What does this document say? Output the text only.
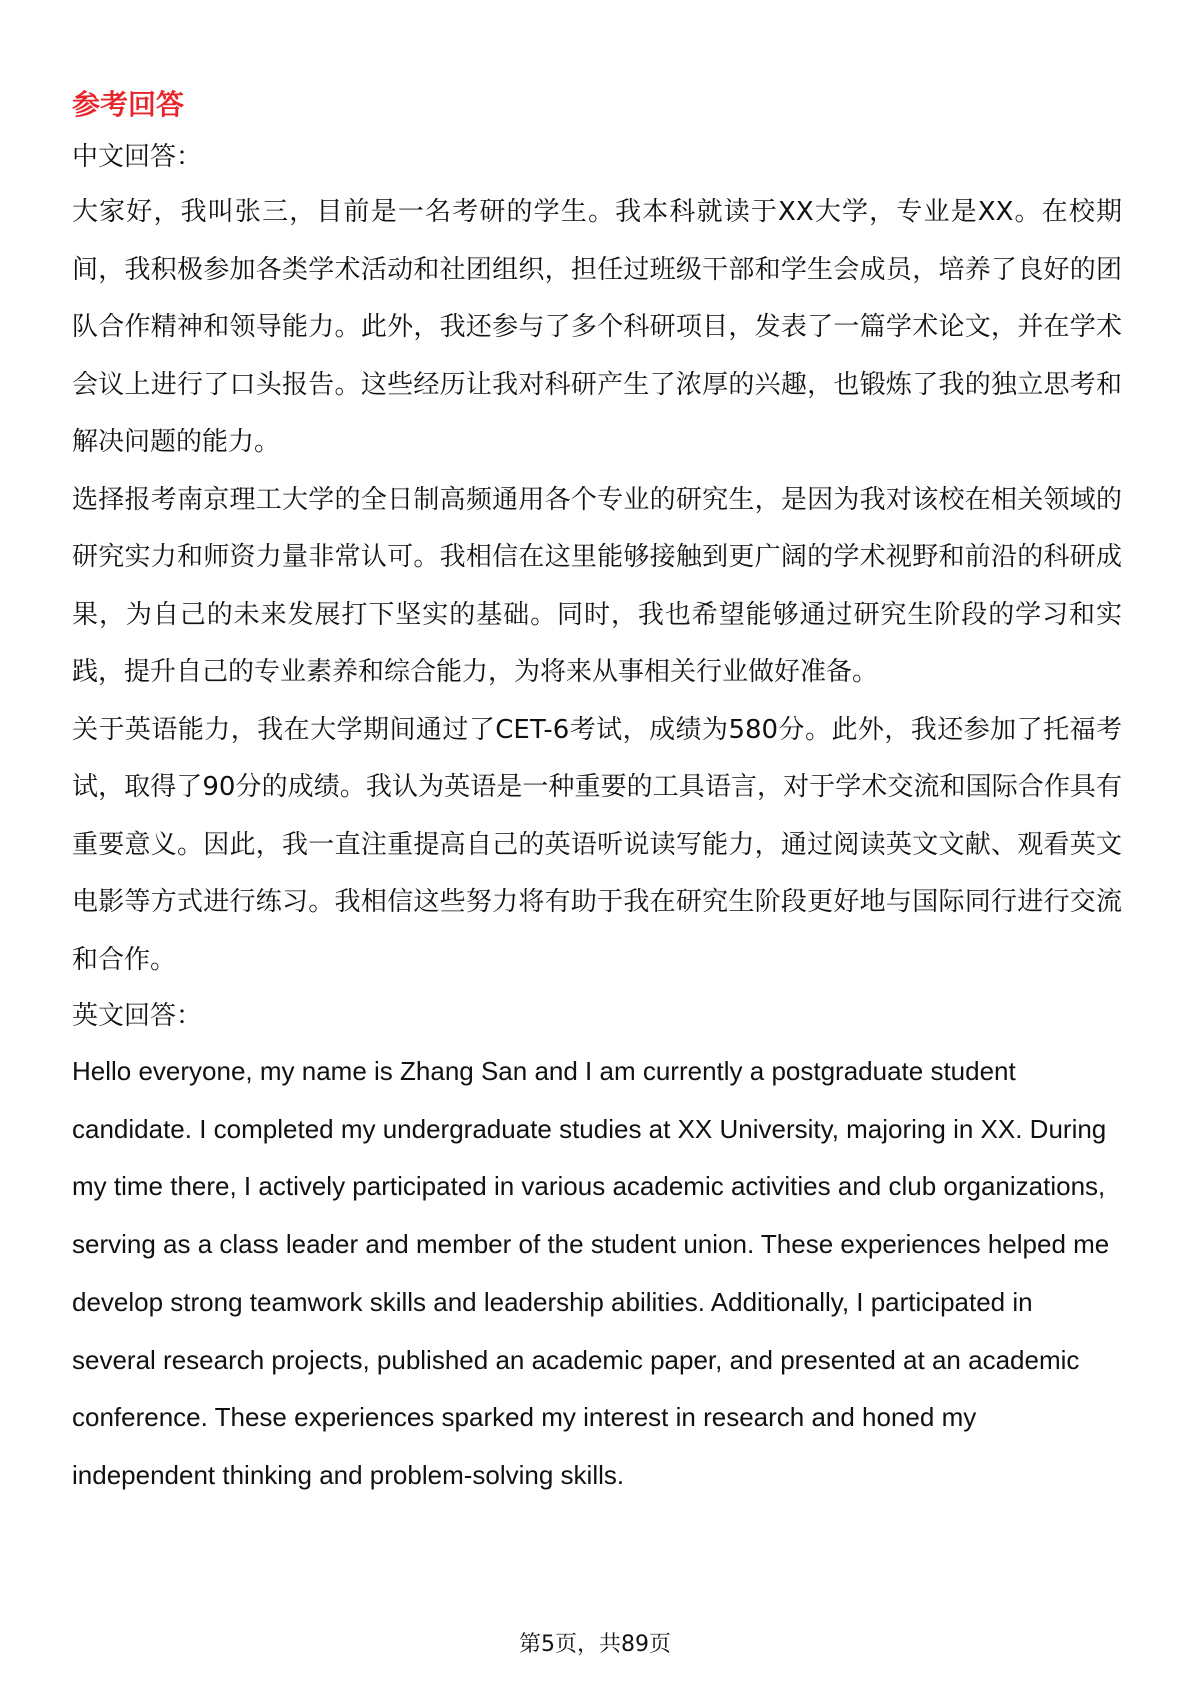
参考回答

中文回答：

大家好，我叫张三，目前是一名考研的学生。我本科就读于XX大学，专业是XX。在校期间，我积极参加各类学术活动和社团组织，担任过班级干部和学生会成员，培养了良好的团队合作精神和领导能力。此外，我还参与了多个科研项目，发表了一篇学术论文，并在学术会议上进行了口头报告。这些经历让我对科研产生了浓厚的兴趣，也锻炼了我的独立思考和解决问题的能力。

选择报考南京理工大学的全日制高频通用各个专业的研究生，是因为我对该校在相关领域的研究实力和师资力量非常认可。我相信在这里能够接触到更广阔的学术视野和前沿的科研成果，为自己的未来发展打下坚实的基础。同时，我也希望能够通过研究生阶段的学习和实践，提升自己的专业素养和综合能力，为将来从事相关行业做好准备。

关于英语能力，我在大学期间通过了CET-6考试，成绩为580分。此外，我还参加了托福考试，取得了90分的成绩。我认为英语是一种重要的工具语言，对于学术交流和国际合作具有重要意义。因此，我一直注重提高自己的英语听说读写能力，通过阅读英文文献、观看英文电影等方式进行练习。我相信这些努力将有助于我在研究生阶段更好地与国际同行进行交流和合作。

英文回答：

Hello everyone, my name is Zhang San and I am currently a postgraduate student candidate. I completed my undergraduate studies at XX University, majoring in XX. During my time there, I actively participated in various academic activities and club organizations, serving as a class leader and member of the student union. These experiences helped me develop strong teamwork skills and leadership abilities. Additionally, I participated in several research projects, published an academic paper, and presented at an academic conference. These experiences sparked my interest in research and honed my independent thinking and problem-solving skills.

第5页，共89页
